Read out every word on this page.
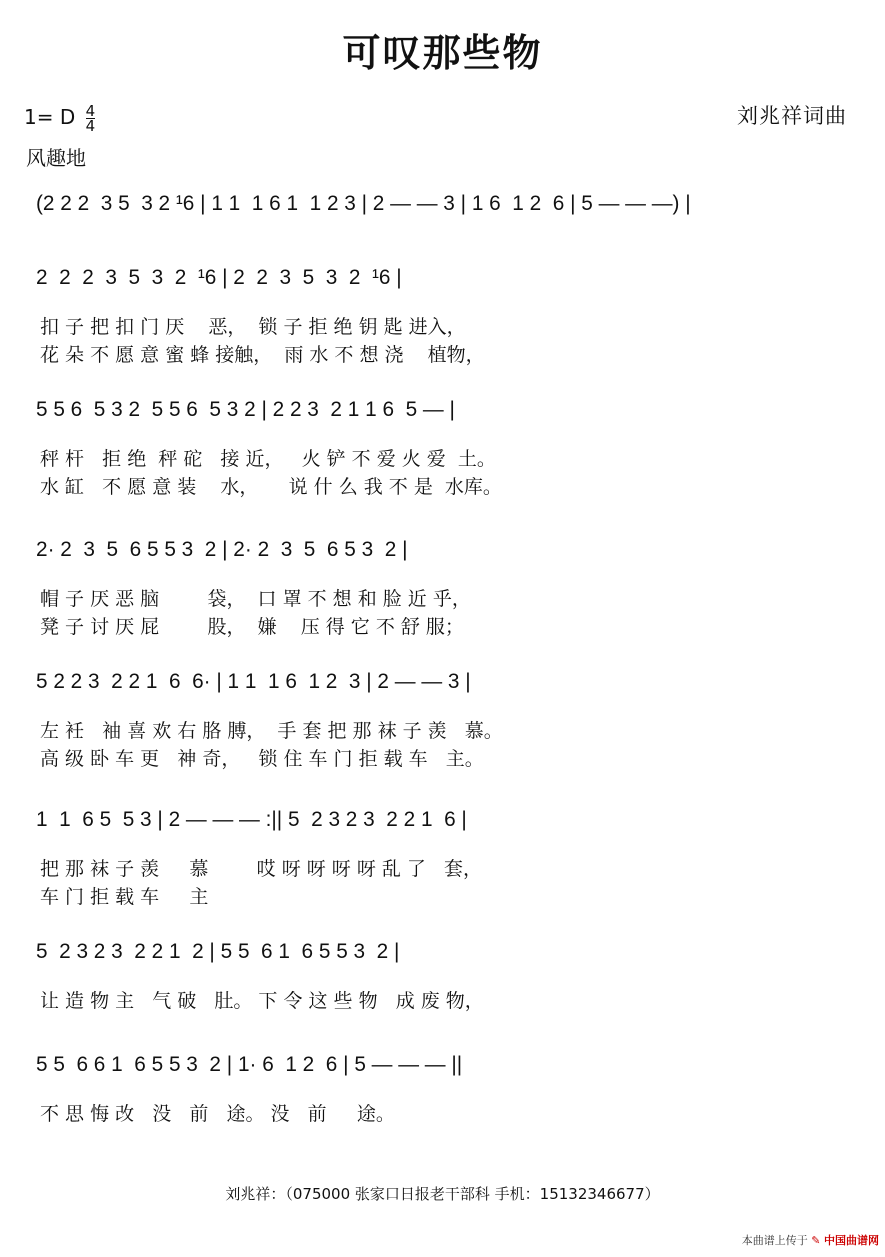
可叹那些物
1= D $\frac{4}{4}$
风趣地
刘兆祥词曲
(2 2 2  3 5  3 2 ¹6 | 1 1  1 6 1  1 2 3 | 2 — — 3 | 1 6  1 2  6 | 5 — — —) |
2  2  2  3  5  3  2  ¹6 | 2  2  3  5  3  2  ¹6 |
扣 子 把 扣 门 厌    恶，  锁 子 拒 绝 钥 匙 进入，
花 朵 不 愿 意 蜜 蜂 接触，  雨 水 不 想 浇    植物，
5 5 6  5 3 2  5 5 6  5 3 2 | 2 2 3  2 1 1 6  5 — |
秤 杆   拒 绝  秤 砣   接 近，   火 铲 不 爱 火 爱  土。
水 缸   不 愿 意 装    水，     说 什 么 我 不 是  水库。
2· 2  3  5  6 5 5 3  2 | 2· 2  3  5  6 5 3  2 |
帽 子 厌 恶 脑        袋，  口 罩 不 想 和 脸 近 乎，
凳 子 讨 厌 屁        股，  嫌    压 得 它 不 舒 服；
5 2 2 3  2 2 1  6  6· | 1 1  1 6  1 2  3 | 2 — — 3 |
左 衽   袖 喜 欢 右 胳 膊，  手 套 把 那 袜 子 羡   慕。
高 级 卧 车 更   神 奇，   锁 住 车 门 拒 载 车   主。
1  1  6 5  5 3 | 2 — — — :|| 5  2 3 2 3  2 2 1  6 |
把 那 袜 子 羡     慕        哎 呀 呀 呀 呀 乱 了   套，
车 门 拒 载 车     主
5  2 3 2 3  2 2 1  2 | 5 5  6 1  6 5 5 3  2 |
让 造 物 主   气 破   肚。 下 令 这 些 物   成 废 物，
5 5  6 6 1  6 5 5 3  2 | 1· 6  1 2  6 | 5 — — — ||
不 思 悔 改   没   前   途。 没   前     途。
刘兆祥：（075000 张家口日报老干部科 手机：15132346677）
本曲谱上传于 ✎ 中国曲谱网
